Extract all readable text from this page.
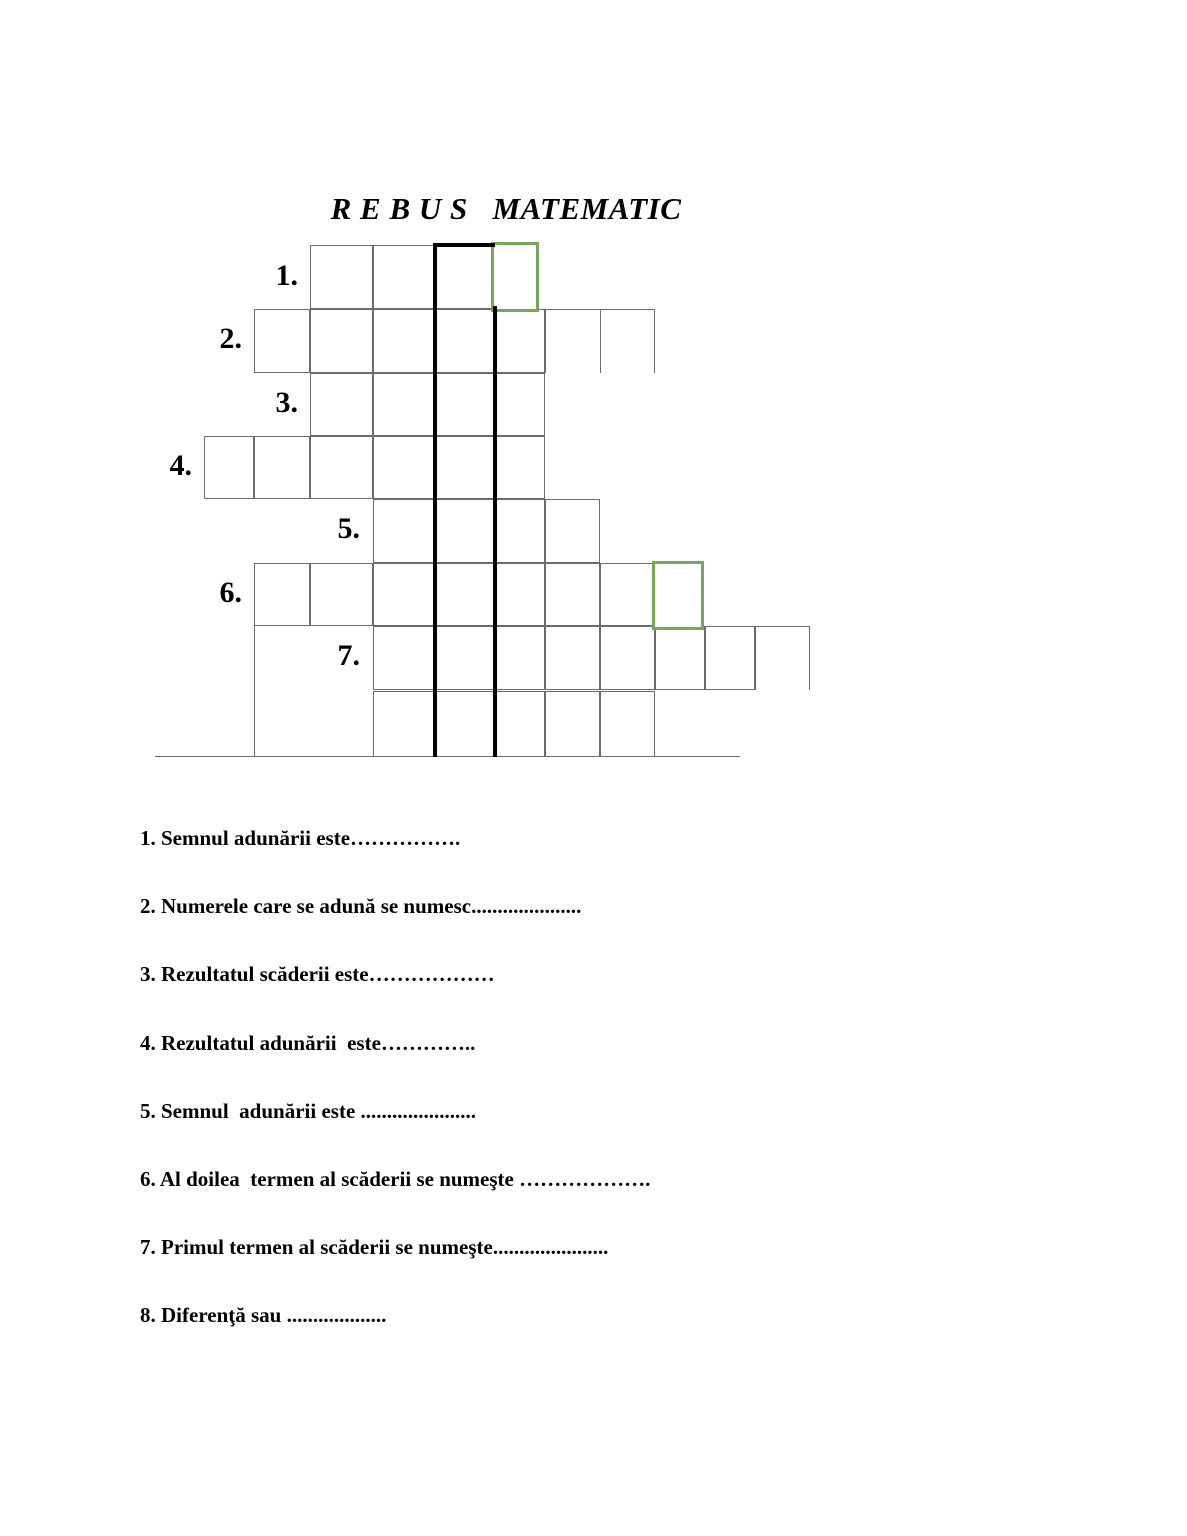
R E B U S   MATEMATIC
1.
2.
3.
4.
5.
6.
7.
1. Semnul adunării este…………….
2. Numerele care se adună se numesc.....................
3. Rezultatul scăderii este………………
4. Rezultatul adunării  este…………..
5. Semnul  adunării este ......................
6. Al doilea  termen al scăderii se numeşte ……………….
7. Primul termen al scăderii se numeşte......................
8. Diferenţă sau ...................
